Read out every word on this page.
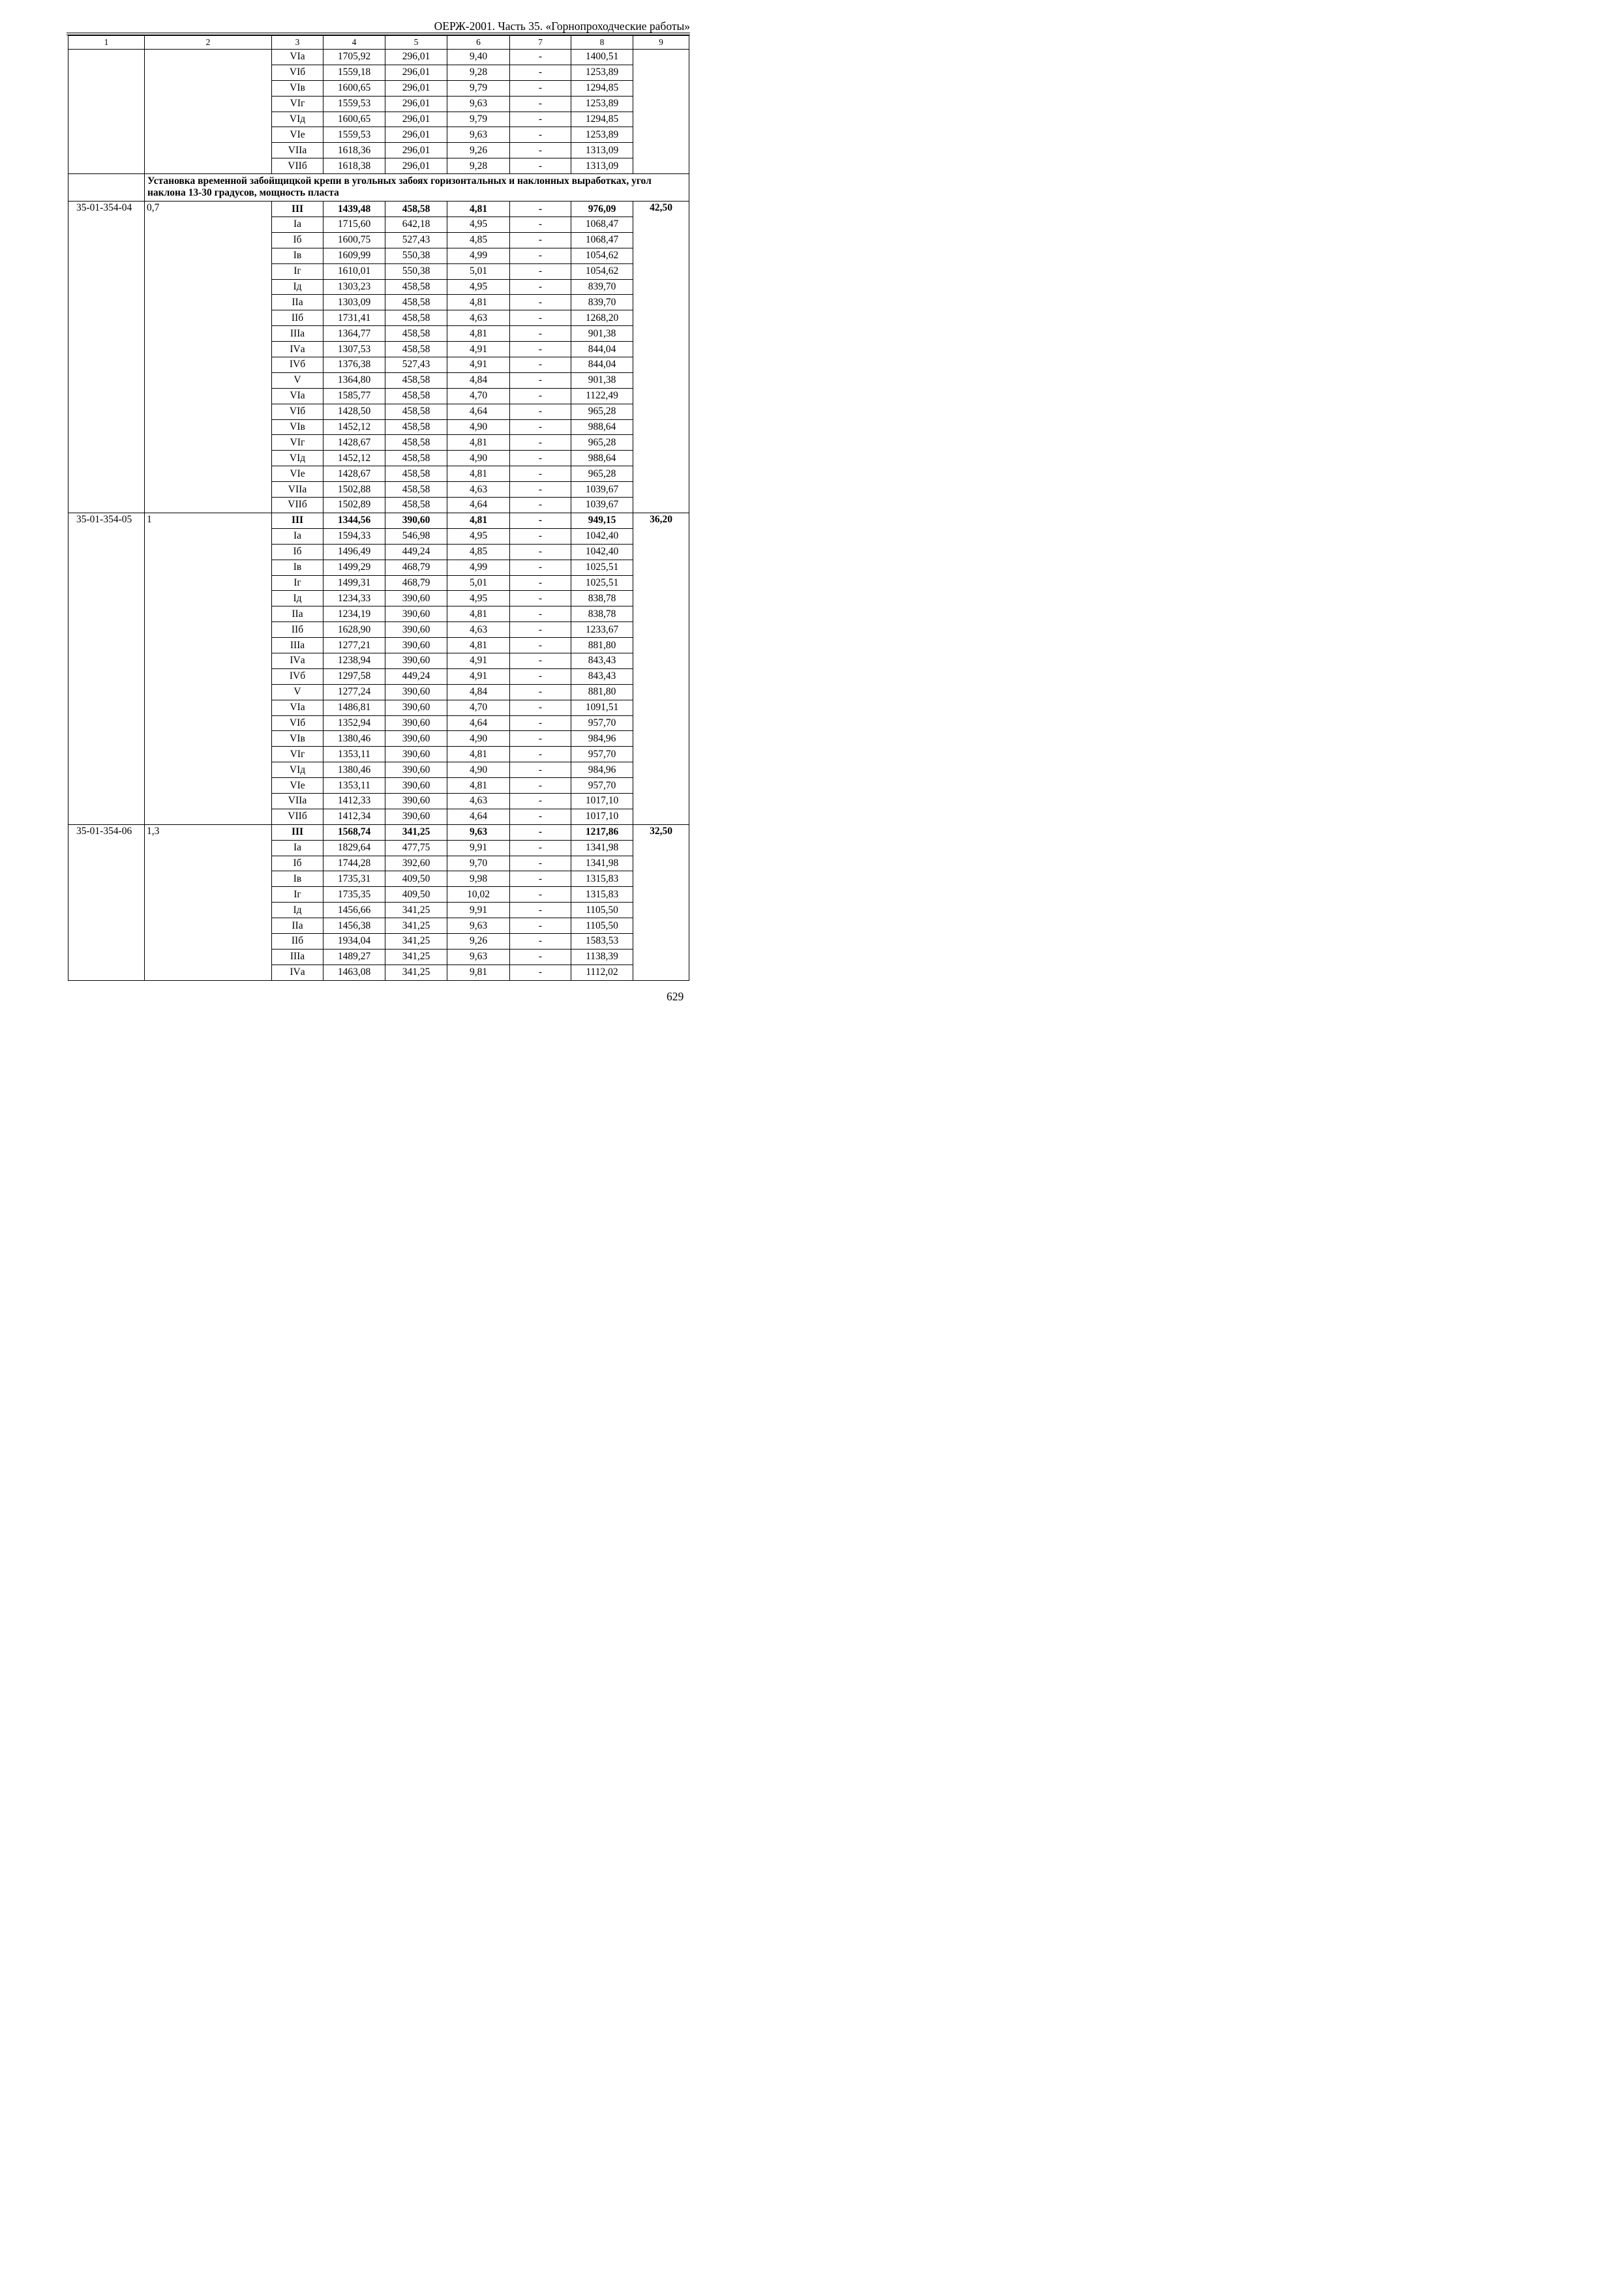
ОЕРЖ-2001. Часть 35. «Горнопроходческие работы»
1	2	3	4	5	6	7	8	9
		VIа	1705,92	296,01	9,40	-	1400,51	
		VIб	1559,18	296,01	9,28	-	1253,89	
		VIв	1600,65	296,01	9,79	-	1294,85	
		VIг	1559,53	296,01	9,63	-	1253,89	
		VIд	1600,65	296,01	9,79	-	1294,85	
		VIе	1559,53	296,01	9,63	-	1253,89	
		VIIа	1618,36	296,01	9,26	-	1313,09	
		VIIб	1618,38	296,01	9,28	-	1313,09	
	Установка временной забойщицкой крепи в угольных забоях горизонтальных и наклонных выработках, угол наклона 13-30 градусов, мощность пласта							
35-01-354-04	0,7	III	1439,48	458,58	4,81	-	976,09	42,50
		Iа	1715,60	642,18	4,95	-	1068,47	
		Iб	1600,75	527,43	4,85	-	1068,47	
		Iв	1609,99	550,38	4,99	-	1054,62	
		Iг	1610,01	550,38	5,01	-	1054,62	
		Iд	1303,23	458,58	4,95	-	839,70	
		IIа	1303,09	458,58	4,81	-	839,70	
		IIб	1731,41	458,58	4,63	-	1268,20	
		IIIа	1364,77	458,58	4,81	-	901,38	
		IVа	1307,53	458,58	4,91	-	844,04	
		IVб	1376,38	527,43	4,91	-	844,04	
		V	1364,80	458,58	4,84	-	901,38	
		VIа	1585,77	458,58	4,70	-	1122,49	
		VIб	1428,50	458,58	4,64	-	965,28	
		VIв	1452,12	458,58	4,90	-	988,64	
		VIг	1428,67	458,58	4,81	-	965,28	
		VIд	1452,12	458,58	4,90	-	988,64	
		VIе	1428,67	458,58	4,81	-	965,28	
		VIIа	1502,88	458,58	4,63	-	1039,67	
		VIIб	1502,89	458,58	4,64	-	1039,67	
35-01-354-05	1	III	1344,56	390,60	4,81	-	949,15	36,20
		Iа	1594,33	546,98	4,95	-	1042,40	
		Iб	1496,49	449,24	4,85	-	1042,40	
		Iв	1499,29	468,79	4,99	-	1025,51	
		Iг	1499,31	468,79	5,01	-	1025,51	
		Iд	1234,33	390,60	4,95	-	838,78	
		IIа	1234,19	390,60	4,81	-	838,78	
		IIб	1628,90	390,60	4,63	-	1233,67	
		IIIа	1277,21	390,60	4,81	-	881,80	
		IVа	1238,94	390,60	4,91	-	843,43	
		IVб	1297,58	449,24	4,91	-	843,43	
		V	1277,24	390,60	4,84	-	881,80	
		VIа	1486,81	390,60	4,70	-	1091,51	
		VIб	1352,94	390,60	4,64	-	957,70	
		VIв	1380,46	390,60	4,90	-	984,96	
		VIг	1353,11	390,60	4,81	-	957,70	
		VIд	1380,46	390,60	4,90	-	984,96	
		VIе	1353,11	390,60	4,81	-	957,70	
		VIIа	1412,33	390,60	4,63	-	1017,10	
		VIIб	1412,34	390,60	4,64	-	1017,10	
35-01-354-06	1,3	III	1568,74	341,25	9,63	-	1217,86	32,50
		Iа	1829,64	477,75	9,91	-	1341,98	
		Iб	1744,28	392,60	9,70	-	1341,98	
		Iв	1735,31	409,50	9,98	-	1315,83	
		Iг	1735,35	409,50	10,02	-	1315,83	
		Iд	1456,66	341,25	9,91	-	1105,50	
		IIа	1456,38	341,25	9,63	-	1105,50	
		IIб	1934,04	341,25	9,26	-	1583,53	
		IIIа	1489,27	341,25	9,63	-	1138,39	
		IVа	1463,08	341,25	9,81	-	1112,02	
629
